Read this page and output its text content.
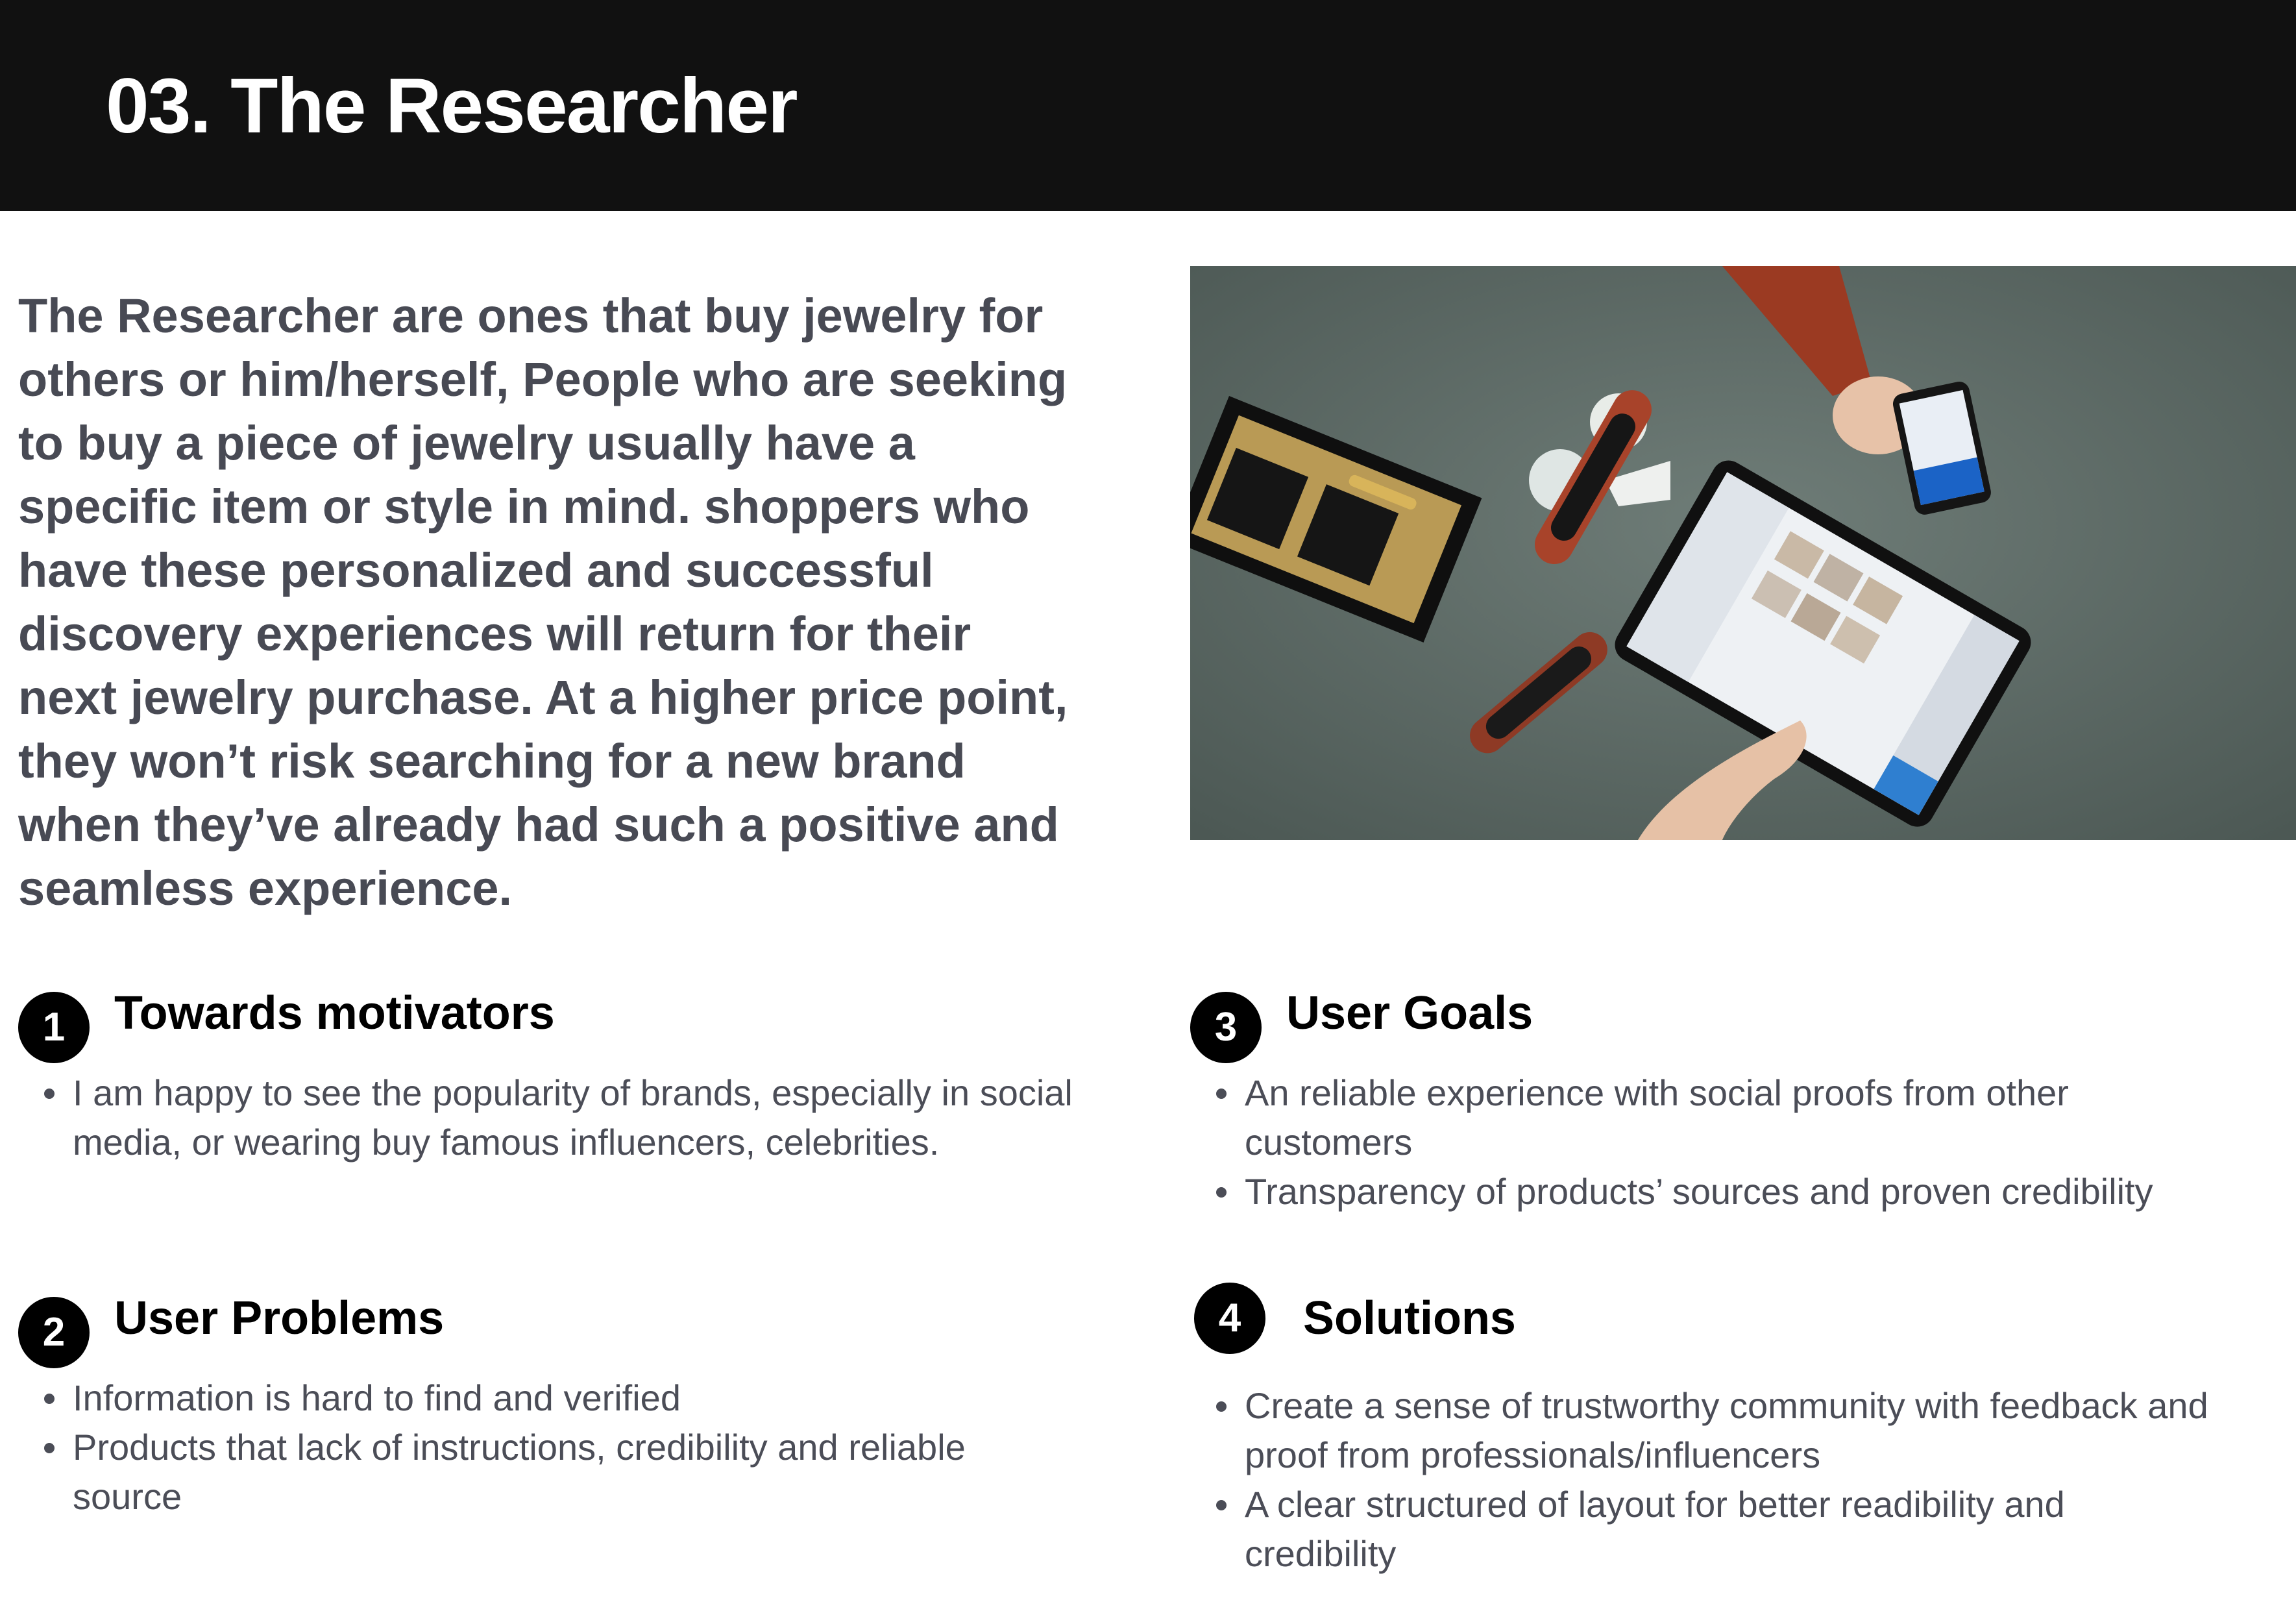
03. The Researcher

The Researcher are ones that buy jewelry for others or him/herself, People who are seeking to buy a piece of jewelry usually have a specific item or style in mind. shoppers who have these personalized and successful discovery experiences will return for their next jewelry purchase. At a higher price point, they won’t risk searching for a new brand when they’ve already had such a positive and seamless experience.

1	Towards motivators
I am happy to see the popularity of brands, especially in social media, or wearing buy famous influencers, celebrities.
2	User Problems
Information is hard to find and verified
Products that lack of instructions, credibility and reliable source
3	User Goals
An reliable experience with social proofs from other customers
Transparency of products’ sources and proven credibility
4	Solutions
Create a sense of trustworthy community with feedback and proof from professionals/influencers
A clear structured of layout for better readibility and credibility
